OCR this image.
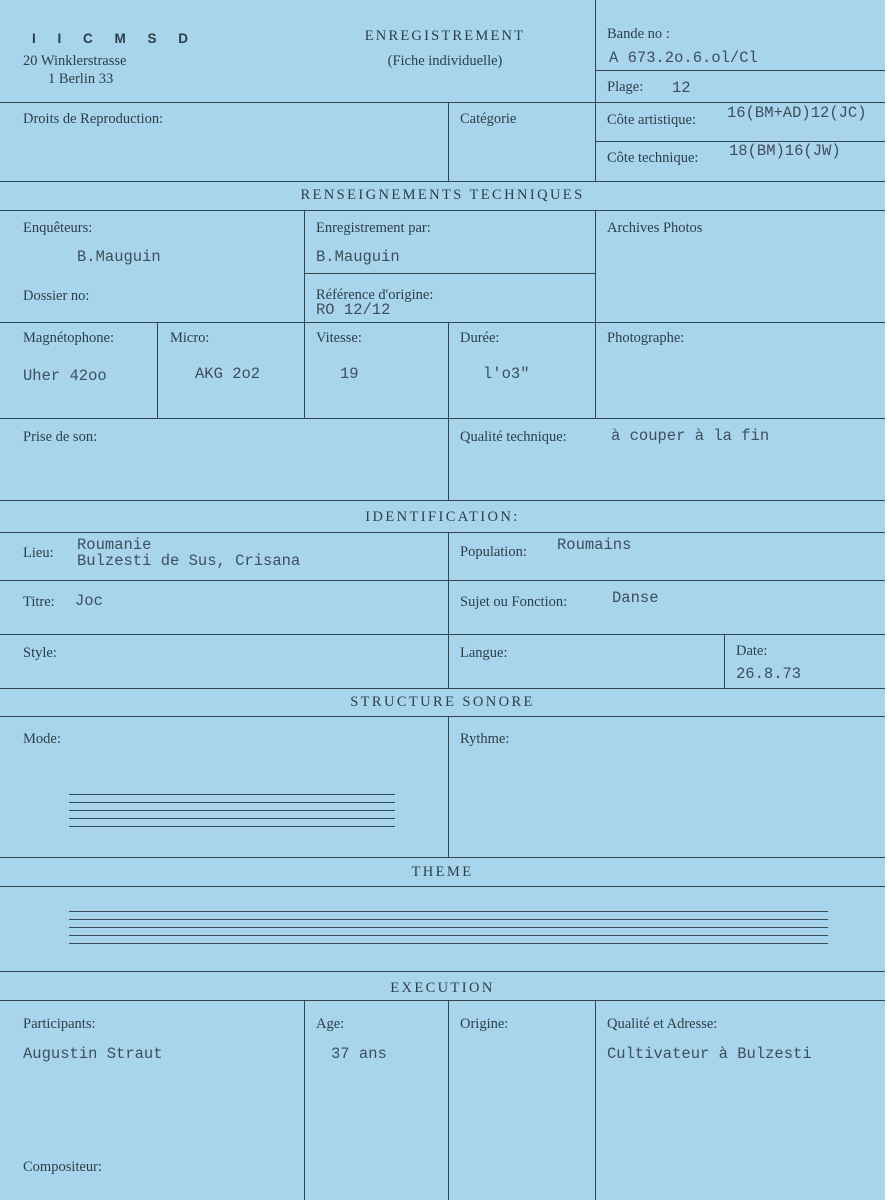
I I C M S D
20 Winklerstrasse
1 Berlin 33
ENREGISTREMENT
(Fiche individuelle)
Bande no :
A 673.2o.6.ol/Cl
Plage: 12
Droits de Reproduction:	Catégorie	Côte artistique: 16(BM+AD)12(JC)
Côte technique: 18(BM)16(JW)
RENSEIGNEMENTS TECHNIQUES
Enquêteurs:
B.Mauguin
Enregistrement par:
B.Mauguin
Archives Photos
Dossier no:	Référence d'origine:
RO 12/12
Magnétophone:
Uher 42oo
Micro:
AKG 2o2
Vitesse:
19
Durée:
l'o3"
Photographe:
Prise de son:	Qualité technique:	à couper à la fin
IDENTIFICATION:
Lieu: Roumanie
Bulzesti de Sus, Crisana	Population: Roumains
Titre: Joc	Sujet ou Fonction:	Danse
Style:	Langue:	Date:
26.8.73
STRUCTURE SONORE
Mode:	Rythme:
THEME
EXECUTION
Participants:
Augustin Straut
Age:
37 ans
Origine:	Qualité et Adresse:
Cultivateur à Bulzesti
Compositeur:
